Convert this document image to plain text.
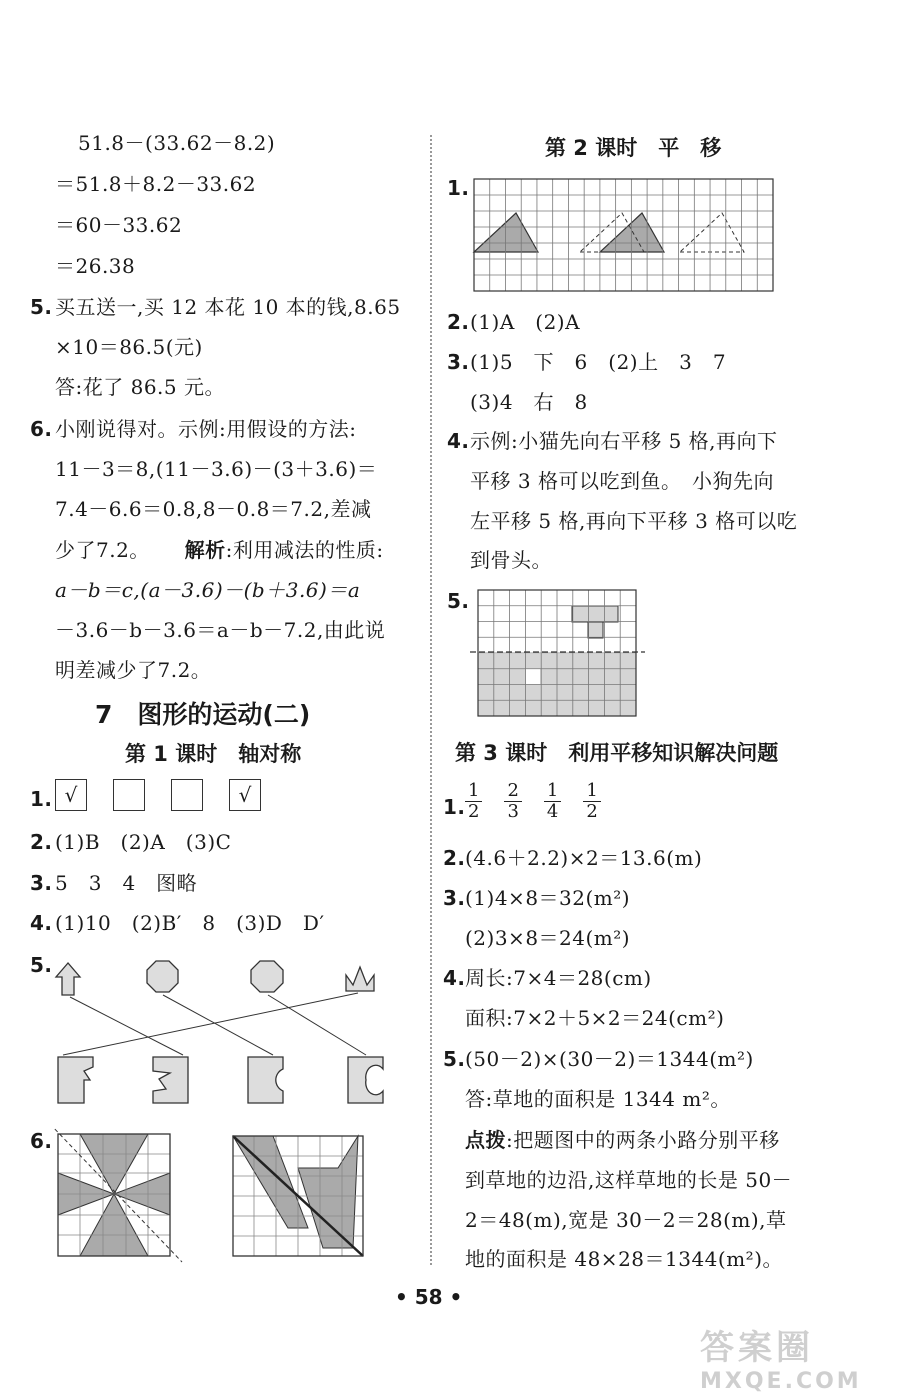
51.8－(33.62－8.2)
＝51.8＋8.2－33.62
＝60－33.62
＝26.38
5. 买五送一,买 12 本花 10 本的钱,8.65
×10＝86.5(元)
答:花了 86.5 元。
6. 小刚说得对。示例:用假设的方法:
11－3＝8,(11－3.6)－(3＋3.6)＝
7.4－6.6＝0.8,8－0.8＝7.2,差减
少了7.2。 解析:利用减法的性质:
a－b＝c,(a－3.6)－(b＋3.6)＝a
－3.6－b－3.6＝a－b－7.2,由此说
明差减少了7.2。
7　图形的运动(二)
第 1 课时　轴对称
1. √	√
2. (1)B　(2)A　(3)C
3. 5　3　4　图略
4. (1)10　(2)B′　8　(3)D　D′
5.
6.
第 2 课时　平　移
1.
2. (1)A　(2)A
3. (1)5　下　6　(2)上　3　7
(3)4　右　8
4. 示例:小猫先向右平移 5 格,再向下
平移 3 格可以吃到鱼。　小狗先向
左平移 5 格,再向下平移 3 格可以吃
到骨头。
5.
第 3 课时　利用平移知识解决问题
1. $\frac{1}{2} \frac{2}{3} \frac{1}{4} \frac{1}{2}$
2. (4.6＋2.2)×2＝13.6(m)
3. (1)4×8＝32(m²)
(2)3×8＝24(m²)
4. 周长:7×4＝28(cm)
面积:7×2＋5×2＝24(cm²)
5. (50－2)×(30－2)＝1344(m²)
答:草地的面积是 1344 m²。
点拨:把题图中的两条小路分别平移
到草地的边沿,这样草地的长是 50－
2＝48(m),宽是 30－2＝28(m),草
地的面积是 48×28＝1344(m²)。
• 58 •
答案圈
MXQE.COM
